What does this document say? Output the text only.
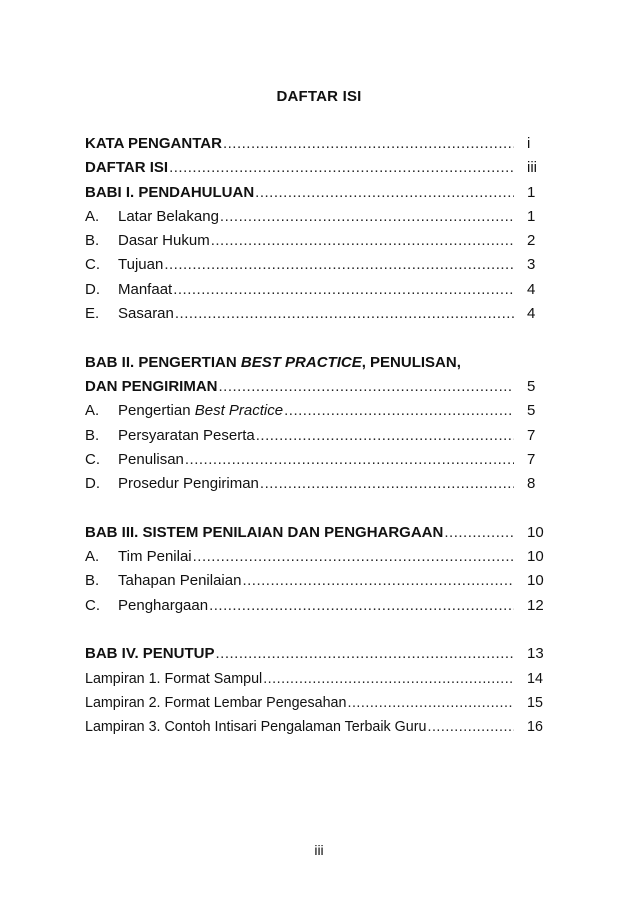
DAFTAR ISI
KATA PENGANTAR .....	i
DAFTAR ISI .....	iii
BABI I. PENDAHULUAN .....	1
A.	Latar Belakang .....	1
B.	Dasar Hukum .....	2
C.	Tujuan .....	3
D.	Manfaat .....	4
E.	Sasaran .....	4
BAB II. PENGERTIAN BEST PRACTICE, PENULISAN,
DAN PENGIRIMAN .....	5
A.	Pengertian Best Practice .....	5
B.	Persyaratan Peserta .....	7
C.	Penulisan .....	7
D.	Prosedur Pengiriman .....	8
BAB III. SISTEM PENILAIAN DAN PENGHARGAAN .....	10
A.	Tim Penilai .....	10
B.	Tahapan Penilaian .....	10
C.	Penghargaan .....	12
BAB IV. PENUTUP .....	13
Lampiran 1. Format Sampul .....	14
Lampiran 2. Format Lembar Pengesahan .....	15
Lampiran 3. Contoh Intisari Pengalaman Terbaik Guru .....	16
iii
